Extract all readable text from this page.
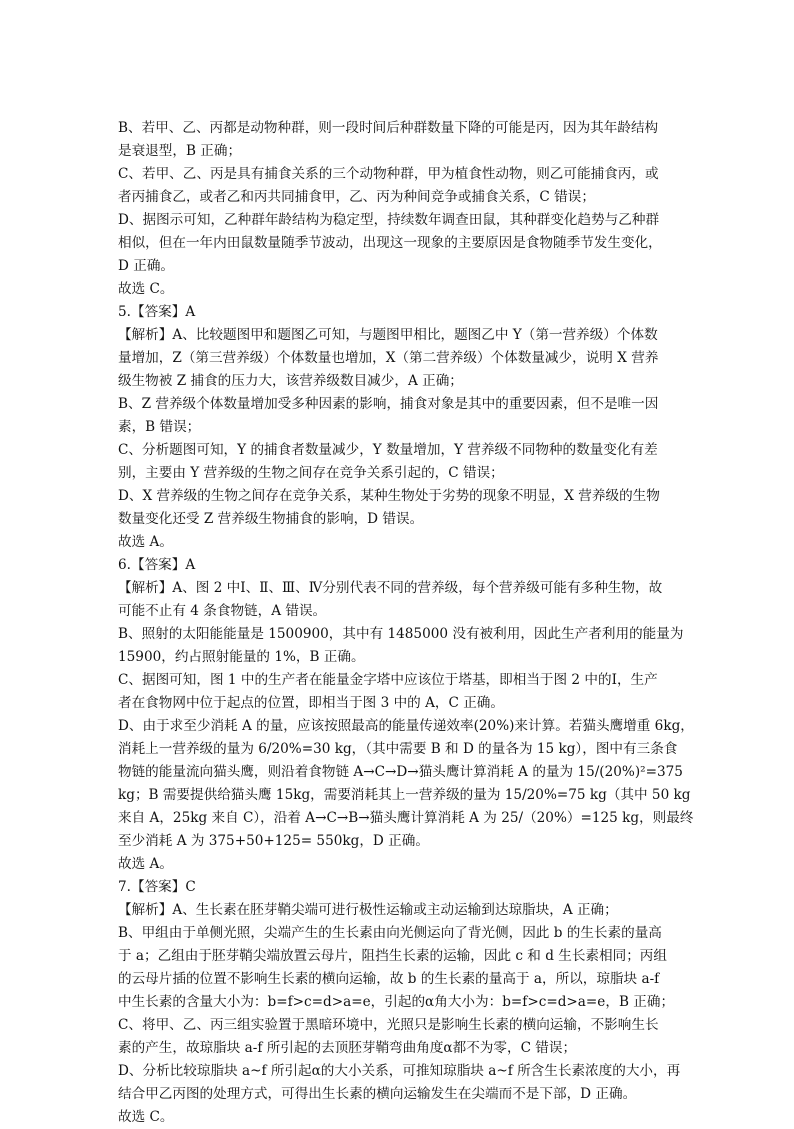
B、若甲、乙、丙都是动物种群，则一段时间后种群数量下降的可能是丙，因为其年龄结构
是衰退型，B 正确；
C、若甲、乙、丙是具有捕食关系的三个动物种群，甲为植食性动物，则乙可能捕食丙，或
者丙捕食乙，或者乙和丙共同捕食甲，乙、丙为种间竞争或捕食关系，C 错误；
D、据图示可知，乙种群年龄结构为稳定型，持续数年调查田鼠，其种群变化趋势与乙种群
相似，但在一年内田鼠数量随季节波动，出现这一现象的主要原因是食物随季节发生变化，
D 正确。
故选 C。
5.【答案】A
【解析】A、比较题图甲和题图乙可知，与题图甲相比，题图乙中 Y（第一营养级）个体数
量增加，Z（第三营养级）个体数量也增加，X（第二营养级）个体数量减少，说明 X 营养
级生物被 Z 捕食的压力大，该营养级数目减少，A 正确；
B、Z 营养级个体数量增加受多种因素的影响，捕食对象是其中的重要因素，但不是唯一因
素，B 错误；
C、分析题图可知，Y 的捕食者数量减少，Y 数量增加，Y 营养级不同物种的数量变化有差
别，主要由 Y 营养级的生物之间存在竞争关系引起的，C 错误；
D、X 营养级的生物之间存在竞争关系，某种生物处于劣势的现象不明显，X 营养级的生物
数量变化还受 Z 营养级生物捕食的影响，D 错误。
故选 A。
6.【答案】A
【解析】A、图 2 中Ⅰ、Ⅱ、Ⅲ、Ⅳ分别代表不同的营养级，每个营养级可能有多种生物，故
可能不止有 4 条食物链，A 错误。
B、照射的太阳能能量是 1500900，其中有 1485000 没有被利用，因此生产者利用的能量为
15900，约占照射能量的 1%，B 正确。
C、据图可知，图 1 中的生产者在能量金字塔中应该位于塔基，即相当于图 2 中的Ⅰ，生产
者在食物网中位于起点的位置，即相当于图 3 中的 A，C 正确。
D、由于求至少消耗 A 的量，应该按照最高的能量传递效率(20%)来计算。若猫头鹰增重 6kg，
消耗上一营养级的量为 6/20%=30 kg，（其中需要 B 和 D 的量各为 15 kg），图中有三条食
物链的能量流向猫头鹰，则沿着食物链 A→C→D→猫头鹰计算消耗 A 的量为 15/(20%)²=375
kg；B 需要提供给猫头鹰 15kg，需要消耗其上一营养级的量为 15/20%=75 kg（其中 50 kg
来自 A，25kg 来自 C），沿着 A→C→B→猫头鹰计算消耗 A 为 25/（20%）=125 kg，则最终
至少消耗 A 为 375+50+125= 550kg，D 正确。
故选 A。
7.【答案】C
【解析】A、生长素在胚芽鞘尖端可进行极性运输或主动运输到达琼脂块，A 正确；
B、甲组由于单侧光照，尖端产生的生长素由向光侧运向了背光侧，因此 b 的生长素的量高
于 a；乙组由于胚芽鞘尖端放置云母片，阻挡生长素的运输，因此 c 和 d 生长素相同；丙组
的云母片插的位置不影响生长素的横向运输，故 b 的生长素的量高于 a，所以，琼脂块 a-f
中生长素的含量大小为：b=f>c=d>a=e，引起的α角大小为：b=f>c=d>a=e，B 正确；
C、将甲、乙、丙三组实验置于黑暗环境中，光照只是影响生长素的横向运输，不影响生长
素的产生，故琼脂块 a-f 所引起的去顶胚芽鞘弯曲角度α都不为零，C 错误；
D、分析比较琼脂块 a~f 所引起α的大小关系，可推知琼脂块 a~f 所含生长素浓度的大小，再
结合甲乙丙图的处理方式，可得出生长素的横向运输发生在尖端而不是下部，D 正确。
故选 C。
